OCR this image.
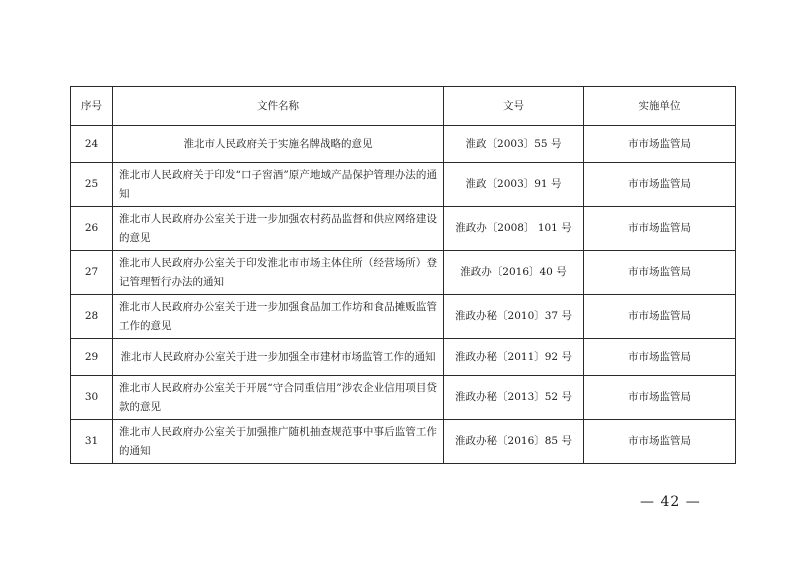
序号	文件名称	文号	实施单位
24	淮北市人民政府关于实施名牌战略的意见	淮政〔2003〕55 号	市市场监管局
25	淮北市人民政府关于印发“口子窖酒”原产地域产品保护管理办法的通知	淮政〔2003〕91 号	市市场监管局
26	淮北市人民政府办公室关于进一步加强农村药品监督和供应网络建设的意见	淮政办〔2008〕 101 号	市市场监管局
27	淮北市人民政府办公室关于印发淮北市市场主体住所（经营场所）登记管理暂行办法的通知	淮政办〔2016〕40 号	市市场监管局
28	淮北市人民政府办公室关于进一步加强食品加工作坊和食品摊贩监管工作的意见	淮政办秘〔2010〕37 号	市市场监管局
29	淮北市人民政府办公室关于进一步加强全市建材市场监管工作的通知	淮政办秘〔2011〕92 号	市市场监管局
30	淮北市人民政府办公室关于开展“守合同重信用”涉农企业信用项目贷款的意见	淮政办秘〔2013〕52 号	市市场监管局
31	淮北市人民政府办公室关于加强推广随机抽查规范事中事后监管工作的通知	淮政办秘〔2016〕85 号	市市场监管局
— 42 —
